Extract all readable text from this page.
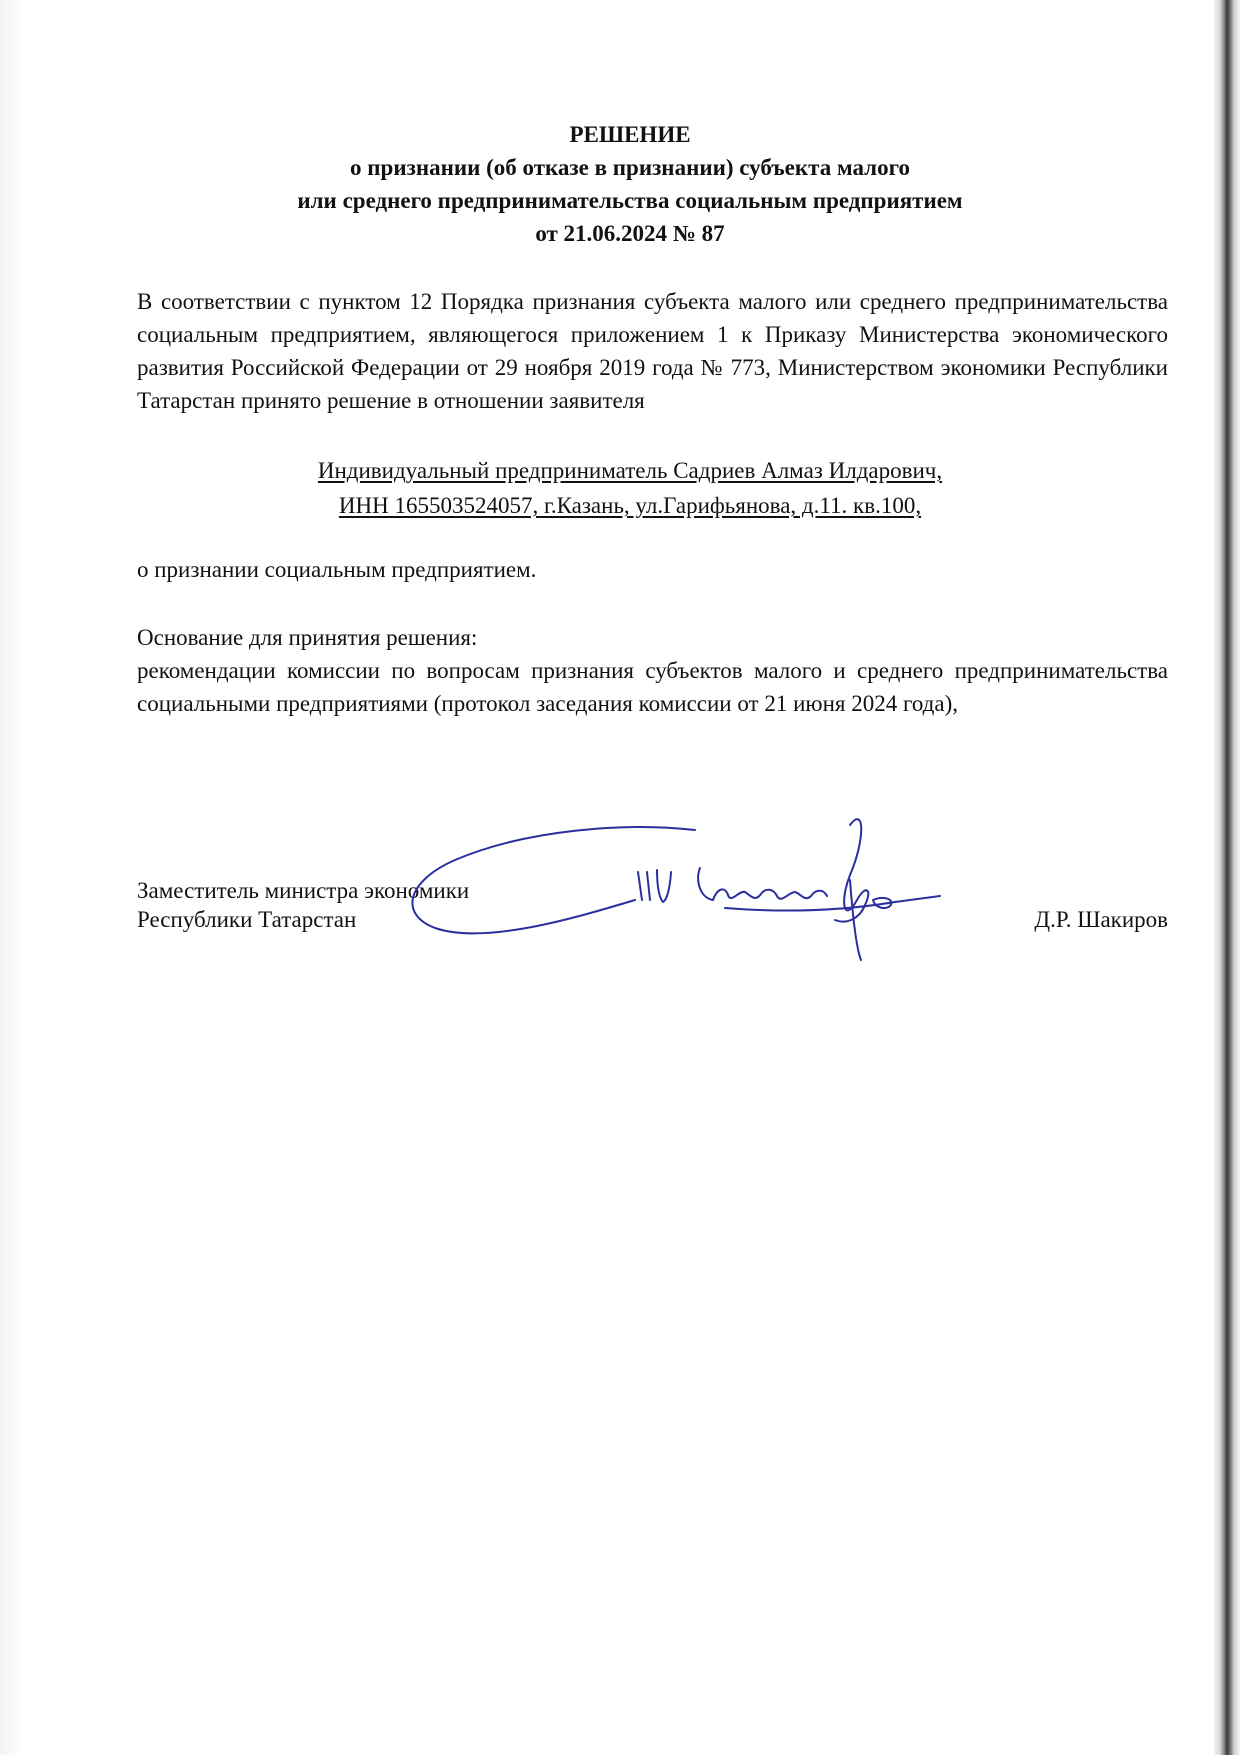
РЕШЕНИЕ
о признании (об отказе в признании) субъекта малого
или среднего предпринимательства социальным предприятием
от 21.06.2024 № 87
В соответствии с пунктом 12 Порядка признания субъекта малого или среднего предпринимательства социальным предприятием, являющегося приложением 1 к Приказу Министерства экономического развития Российской Федерации от 29 ноября 2019 года № 773, Министерством экономики Республики Татарстан принято решение в отношении заявителя
Индивидуальный предприниматель Садриев Алмаз Илдарович,
ИНН 165503524057, г.Казань, ул.Гарифьянова, д.11. кв.100,
о признании социальным предприятием.
Основание для принятия решения:
рекомендации комиссии по вопросам признания субъектов малого и среднего предпринимательства социальными предприятиями (протокол заседания комиссии от 21 июня 2024 года),
Заместитель министра экономики
Республики Татарстан	Д.Р. Шакиров
